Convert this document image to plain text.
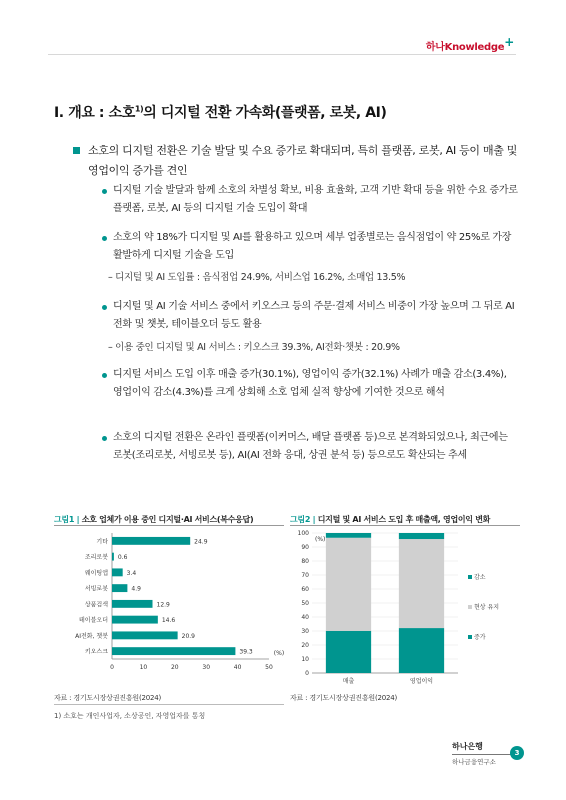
하나Knowledge+
I. 개요 : 소호$^{1)}$의 디지털 전환 가속화(플랫폼, 로봇, AI)
소호의 디지털 전환은 기술 발달 및 수요 증가로 확대되며, 특히 플랫폼, 로봇, AI 등이 매출 및 영업이익 증가를 견인
디지털 기술 발달과 함께 소호의 차별성 확보, 비용 효율화, 고객 기반 확대 등을 위한 수요 증가로 플랫폼, 로봇, AI 등의 디지털 기술 도입이 확대
소호의 약 18%가 디지털 및 AI를 활용하고 있으며 세부 업종별로는 음식점업이 약 25%로 가장 활발하게 디지털 기술을 도입
– 디지털 및 AI 도입률 : 음식점업 24.9%, 서비스업 16.2%, 소매업 13.5%
디지털 및 AI 기술 서비스 중에서 키오스크 등의 주문·결제 서비스 비중이 가장 높으며 그 뒤로 AI전화 및 챗봇, 테이블오더 등도 활용
– 이용 중인 디지털 및 AI 서비스 : 키오스크 39.3%, AI전화·챗봇 : 20.9%
디지털 서비스 도입 이후 매출 증가(30.1%), 영업이익 증가(32.1%) 사례가 매출 감소(3.4%), 영업이익 감소(4.3%)를 크게 상회해 소호 업체 실적 향상에 기여한 것으로 해석
소호의 디지털 전환은 온라인 플랫폼(이커머스, 배달 플랫폼 등)으로 본격화되었으나, 최근에는 로봇(조리로봇, 서빙로봇 등), AI(AI 전화 응대, 상권 분석 등) 등으로도 확산되는 추세
그림1 | 소호 업체가 이용 중인 디지털·AI 서비스(복수응답)	그림2 | 디지털 및 AI 서비스 도입 후 매출액, 영업이익 변화
기타	24.9
조리로봇 0.6
웨이팅앱	3.4
서빙로봇	4.9
상품검색	12.9
테이블오더	14.6
AI전화, 챗봇	20.9
키오스크	39.3
0	10	20	30	40	50
(%)
0
10
20
30
40
50
60
70
80
90
100
(%)
매출	영업이익
감소
현상 유지
증가
자료 : 경기도시장상권진흥원(2024)	자료 : 경기도시장상권진흥원(2024)
1) 소호는 개인사업자, 소상공인, 자영업자를 통칭
하나은행
하나금융연구소
3
